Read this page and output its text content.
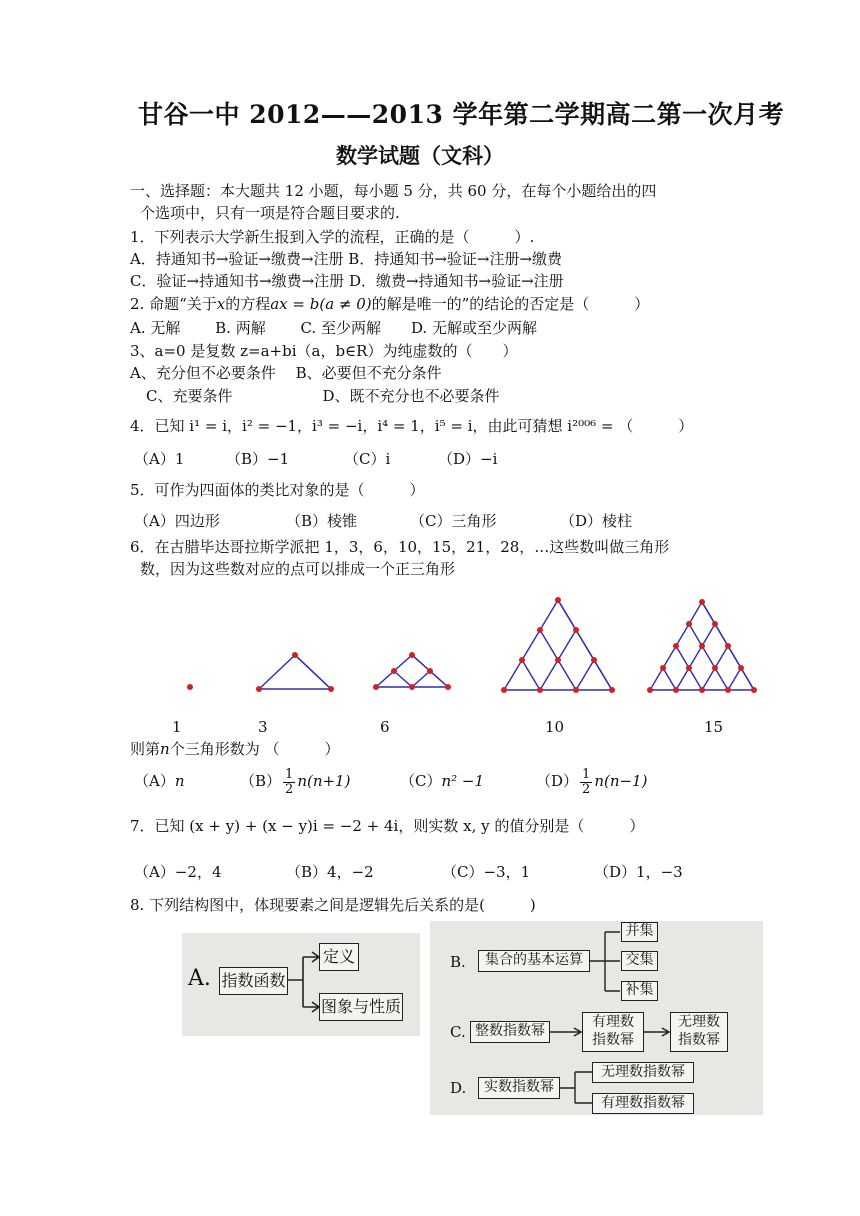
甘谷一中 2012——2013 学年第二学期高二第一次月考
数学试题（文科）
一、选择题：本大题共 12 小题，每小题 5 分，共 60 分，在每个小题给出的四
个选项中，只有一项是符合题目要求的.
1．下列表示大学新生报到入学的流程，正确的是（　　　）.
A．持通知书→验证→缴费→注册 B．持通知书→验证→注册→缴费
C．验证→持通知书→缴费→注册 D．缴费→持通知书→验证→注册
2. 命题“关于x的方程ax = b(a ≠ 0)的解是唯一的”的结论的否定是（　　　）
A. 无解　　 B. 两解　　 C. 至少两解　　D. 无解或至少两解
3、a=0 是复数 z=a+bi（a，b∈R）为纯虚数的（　　）
A、充分但不必要条件　 B、必要但不充分条件
C、充要条件　　　　　　D、既不充分也不必要条件
4．已知 i¹ = i，i² = −1，i³ = −i，i⁴ = 1，i⁵ = i，由此可猜想 i²⁰⁰⁶ = （　　　）
（A）1	（B）−1	（C）i	（D）−i
5．可作为四面体的类比对象的是（　　　）
（A）四边形	（B）棱锥	（C）三角形	（D）棱柱
6．在古腊毕达哥拉斯学派把 1，3，6，10，15，21，28，…这些数叫做三角形
数，因为这些数对应的点可以排成一个正三角形
1	3	6	10	15
则第n个三角形数为 （　　　）
（A）n	$(B) \frac{1}{2} n(n+1)$	（C）n² −1	$(D) \frac{1}{2} n(n-1)$
7．已知 (x + y) + (x − y)i = −2 + 4i，则实数 x, y 的值分别是（　　　）
（A）−2，4	（B）4，−2	（C）−3，1	（D）1，−3
8. 下列结构图中，体现要素之间是逻辑先后关系的是(　　　)
A. 指数函数
定义
图象与性质
B.	集合的基本运算
并集
交集
补集
C. 整数指数幂
有理数
指数幂
无理数
指数幂
D.	实数指数幂
无理数指数幂
有理数指数幂
